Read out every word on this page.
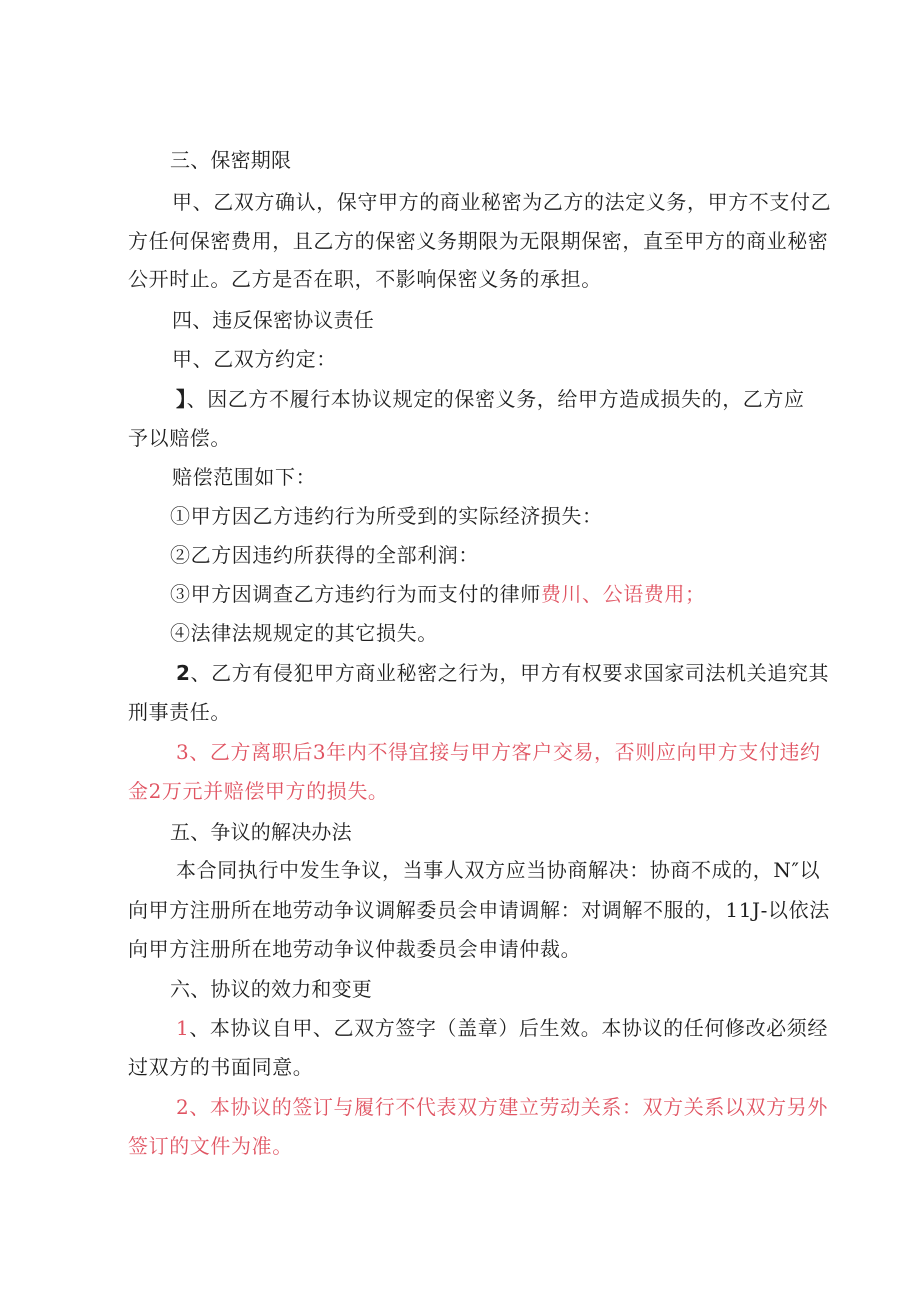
三、保密期限
甲、乙双方确认，保守甲方的商业秘密为乙方的法定义务，甲方不支付乙
方任何保密费用，且乙方的保密义务期限为无限期保密，直至甲方的商业秘密
公开时止。乙方是否在职，不影响保密义务的承担。
四、违反保密协议责任
甲、乙双方约定：
】、因乙方不履行本协议规定的保密义务，给甲方造成损失的，乙方应
予以赔偿。
赔偿范围如下：
①甲方因乙方违约行为所受到的实际经济损失：
②乙方因违约所获得的全部利润：
③甲方因调查乙方违约行为而支付的律师费川、公语费用；
④法律法规规定的其它损失。
2、乙方有侵犯甲方商业秘密之行为，甲方有权要求国家司法机关追究其
刑事责任。
3、乙方离职后3年内不得宜接与甲方客户交易，否则应向甲方支付违约
金2万元并赔偿甲方的损失。
五、争议的解决办法
本合同执行中发生争议，当事人双方应当协商解决：协商不成的，N″以
向甲方注册所在地劳动争议调解委员会申请调解：对调解不服的，11J-以依法
向甲方注册所在地劳动争议仲裁委员会申请仲裁。
六、协议的效力和变更
1、本协议自甲、乙双方签字（盖章）后生效。本协议的任何修改必须经
过双方的书面同意。
2、本协议的签订与履行不代表双方建立劳动关系：双方关系以双方另外
签订的文件为准。
